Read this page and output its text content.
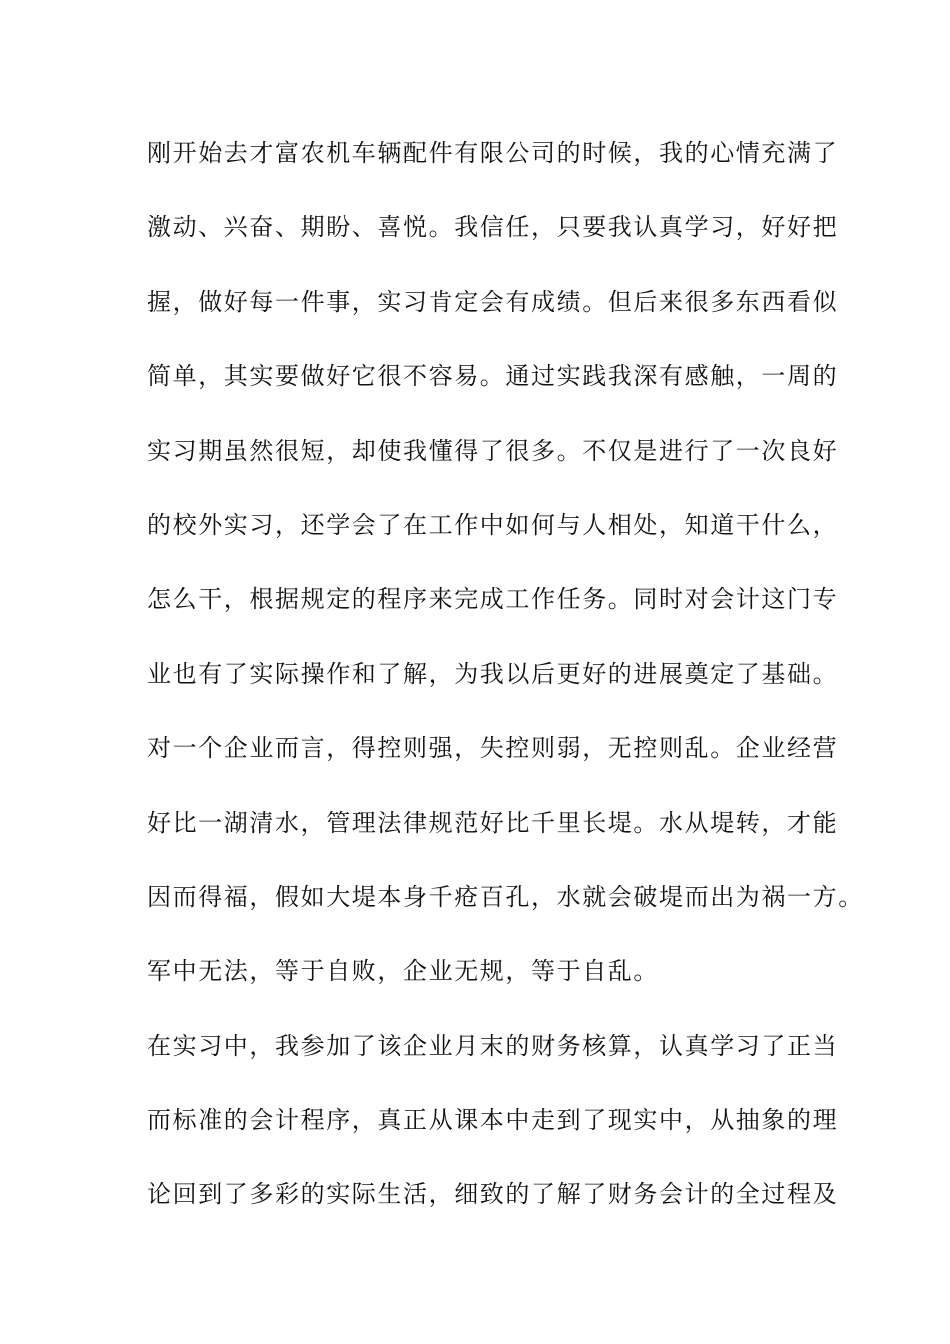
刚开始去才富农机车辆配件有限公司的时候，我的心情充满了
激动、兴奋、期盼、喜悦。我信任，只要我认真学习，好好把
握，做好每一件事，实习肯定会有成绩。但后来很多东西看似
简单，其实要做好它很不容易。通过实践我深有感触，一周的
实习期虽然很短，却使我懂得了很多。不仅是进行了一次良好
的校外实习，还学会了在工作中如何与人相处，知道干什么，
怎么干，根据规定的程序来完成工作任务。同时对会计这门专
业也有了实际操作和了解，为我以后更好的进展奠定了基础。
对一个企业而言，得控则强，失控则弱，无控则乱。企业经营
好比一湖清水，管理法律规范好比千里长堤。水从堤转，才能
因而得福，假如大堤本身千疮百孔，水就会破堤而出为祸一方。
军中无法，等于自败，企业无规，等于自乱。
在实习中，我参加了该企业月末的财务核算，认真学习了正当
而标准的会计程序，真正从课本中走到了现实中，从抽象的理
论回到了多彩的实际生活，细致的了解了财务会计的全过程及
